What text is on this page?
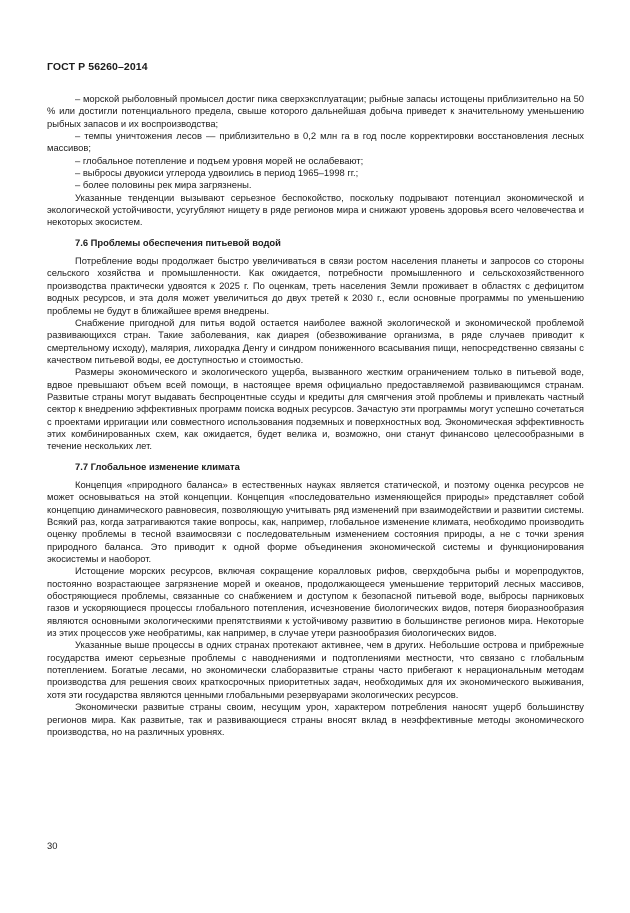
ГОСТ Р 56260–2014

– морской рыболовный промысел достиг пика сверхэксплуатации; рыбные запасы истощены приблизительно на 50 % или достигли потенциального предела, свыше которого дальнейшая добыча приведет к значительному уменьшению рыбных запасов и их воспроизводства;

– темпы уничтожения лесов — приблизительно в 0,2 млн га в год после корректировки восстановления лесных массивов;

– глобальное потепление и подъем уровня морей не ослабевают;

– выбросы двуокиси углерода удвоились в период 1965–1998 гг.;

– более половины рек мира загрязнены.

Указанные тенденции вызывают серьезное беспокойство, поскольку подрывают потенциал экономической и экологической устойчивости, усугубляют нищету в ряде регионов мира и снижают уровень здоровья всего человечества и некоторых экосистем.

7.6 Проблемы обеспечения питьевой водой

Потребление воды продолжает быстро увеличиваться в связи ростом населения планеты и запросов со стороны сельского хозяйства и промышленности. Как ожидается, потребности промышленного и сельскохозяйственного производства практически удвоятся к 2025 г. По оценкам, треть населения Земли проживает в областях с дефицитом водных ресурсов, и эта доля может увеличиться до двух третей к 2030 г., если основные программы по уменьшению проблемы не будут в ближайшее время внедрены.

Снабжение пригодной для питья водой остается наиболее важной экологической и экономической проблемой развивающихся стран. Такие заболевания, как диарея (обезвоживание организма, в ряде случаев приводит к смертельному исходу), малярия, лихорадка Денгу и синдром пониженного всасывания пищи, непосредственно связаны с качеством питьевой воды, ее доступностью и стоимостью.

Размеры экономического и экологического ущерба, вызванного жестким ограничением только в питьевой воде, вдвое превышают объем всей помощи, в настоящее время официально предоставляемой развивающимся странам. Развитые страны могут выдавать беспроцентные ссуды и кредиты для смягчения этой проблемы и привлекать частный сектор к внедрению эффективных программ поиска водных ресурсов. Зачастую эти программы могут успешно сочетаться с проектами ирригации или совместного использования подземных и поверхностных вод. Экономическая эффективность этих комбинированных схем, как ожидается, будет велика и, возможно, они станут финансово целесообразными в течение нескольких лет.

7.7 Глобальное изменение климата

Концепция «природного баланса» в естественных науках является статической, и поэтому оценка ресурсов не может основываться на этой концепции. Концепция «последовательно изменяющейся природы» представляет собой концепцию динамического равновесия, позволяющую учитывать ряд изменений при взаимодействии и развитии системы. Всякий раз, когда затрагиваются такие вопросы, как, например, глобальное изменение климата, необходимо производить оценку проблемы в тесной взаимосвязи с последовательным изменением состояния природы, а не с точки зрения природного баланса. Это приводит к одной форме объединения экономической системы и функционирования экосистемы и наоборот.

Истощение морских ресурсов, включая сокращение коралловых рифов, сверхдобыча рыбы и морепродуктов, постоянно возрастающее загрязнение морей и океанов, продолжающееся уменьшение территорий лесных массивов, обостряющиеся проблемы, связанные со снабжением и доступом к безопасной питьевой воде, выбросы парниковых газов и ускоряющиеся процессы глобального потепления, исчезновение биологических видов, потеря биоразнообразия являются основными экологическими препятствиями к устойчивому развитию в большинстве регионов мира. Некоторые из этих процессов уже необратимы, как например, в случае утери разнообразия биологических видов.

Указанные выше процессы в одних странах протекают активнее, чем в других. Небольшие острова и прибрежные государства имеют серьезные проблемы с наводнениями и подтоплениями местности, что связано с глобальным потеплением. Богатые лесами, но экономически слаборазвитые страны часто прибегают к нерациональным методам производства для решения своих краткосрочных приоритетных задач, необходимых для их экономического выживания, хотя эти государства являются ценными глобальными резервуарами экологических ресурсов.

Экономически развитые страны своим, несущим урон, характером потребления наносят ущерб большинству регионов мира. Как развитые, так и развивающиеся страны вносят вклад в неэффективные методы экономического производства, но на различных уровнях.

30
